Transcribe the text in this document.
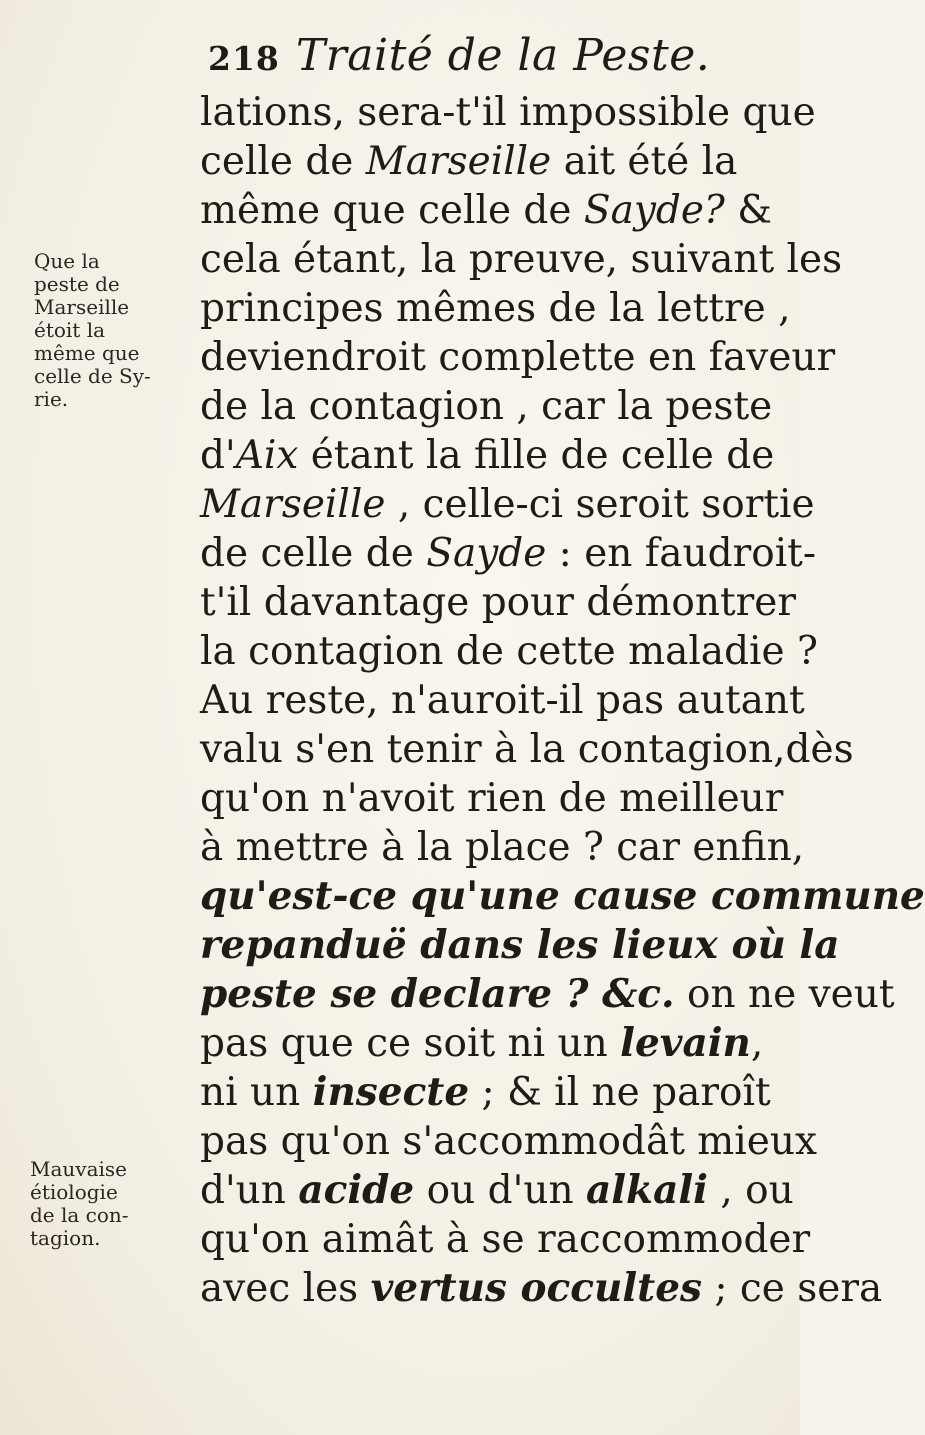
218 Traité de la Peste.
Que la
peste de
Marseille
étoit la
même que
celle de Sy-
rie.
Mauvaise
étiologie
de la con-
tagion.
lations, sera-t'il impossible que
celle de Marseille ait été la
même que celle de Sayde? &
cela étant, la preuve, suivant les
principes mêmes de la lettre ,
deviendroit complette en faveur
de la contagion , car la peste
d'Aix étant la fille de celle de
Marseille , celle-ci seroit sortie
de celle de Sayde : en faudroit-
t'il davantage pour démontrer
la contagion de cette maladie ?
Au reste, n'auroit-il pas autant
valu s'en tenir à la contagion,dès
qu'on n'avoit rien de meilleur
à mettre à la place ? car enfin,
qu'est-ce qu'une cause commune
repanduë dans les lieux où la
peste se declare ? &c. on ne veut
pas que ce soit ni un levain,
ni un insecte ; & il ne paroît
pas qu'on s'accommodât mieux
d'un acide ou d'un alkali , ou
qu'on aimât à se raccommoder
avec les vertus occultes ; ce sera
